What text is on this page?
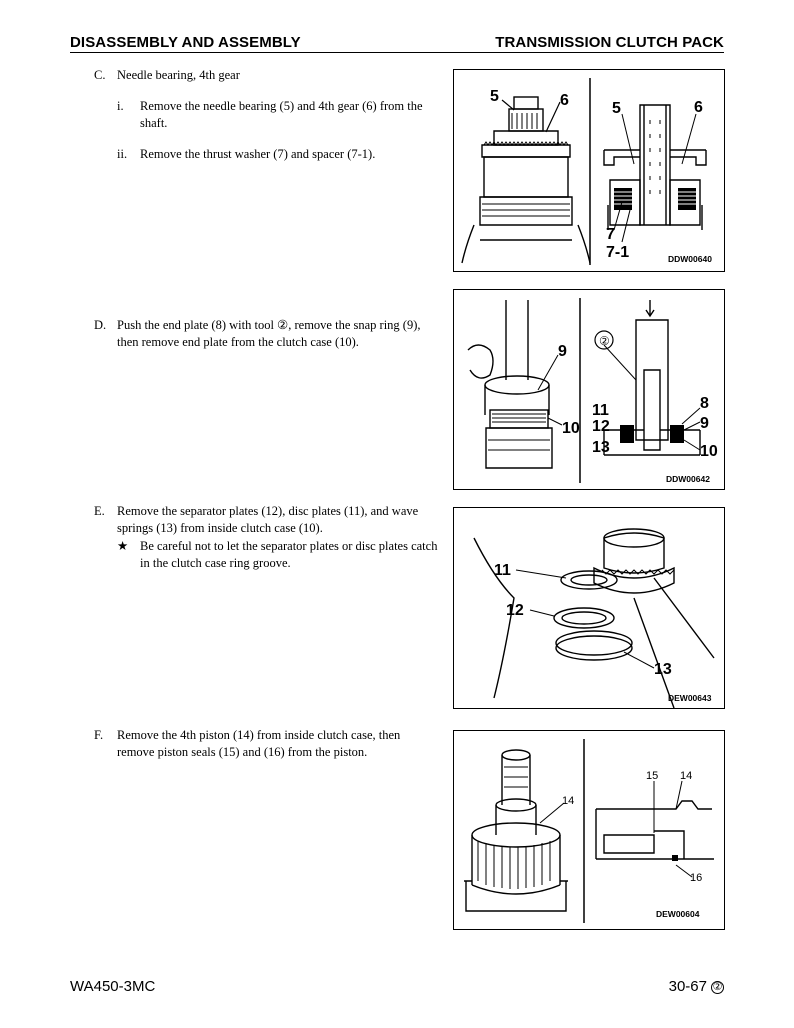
DISASSEMBLY AND ASSEMBLY	TRANSMISSION CLUTCH PACK
C. Needle bearing, 4th gear
i. Remove the needle bearing (5) and 4th gear (6) from the shaft.
ii. Remove the thrust washer (7) and spacer (7-1).
5	6	5	6
7
7-1	DDW00640
D. Push the end plate (8) with tool ②, remove the snap ring (9), then remove end plate from the clutch case (10).
9
10
②
8
11
12	9
13	10
DDW00642
E. Remove the separator plates (12), disc plates (11), and wave springs (13) from inside clutch case (10).
★ Be careful not to let the separator plates or disc plates catch in the clutch case ring groove.	11
12
13
DEW00643
F. Remove the 4th piston (14) from inside clutch case, then remove piston seals (15) and (16) from the piston.
14
15 14
16
DEW00604
WA450-3MC	30-67 ②
